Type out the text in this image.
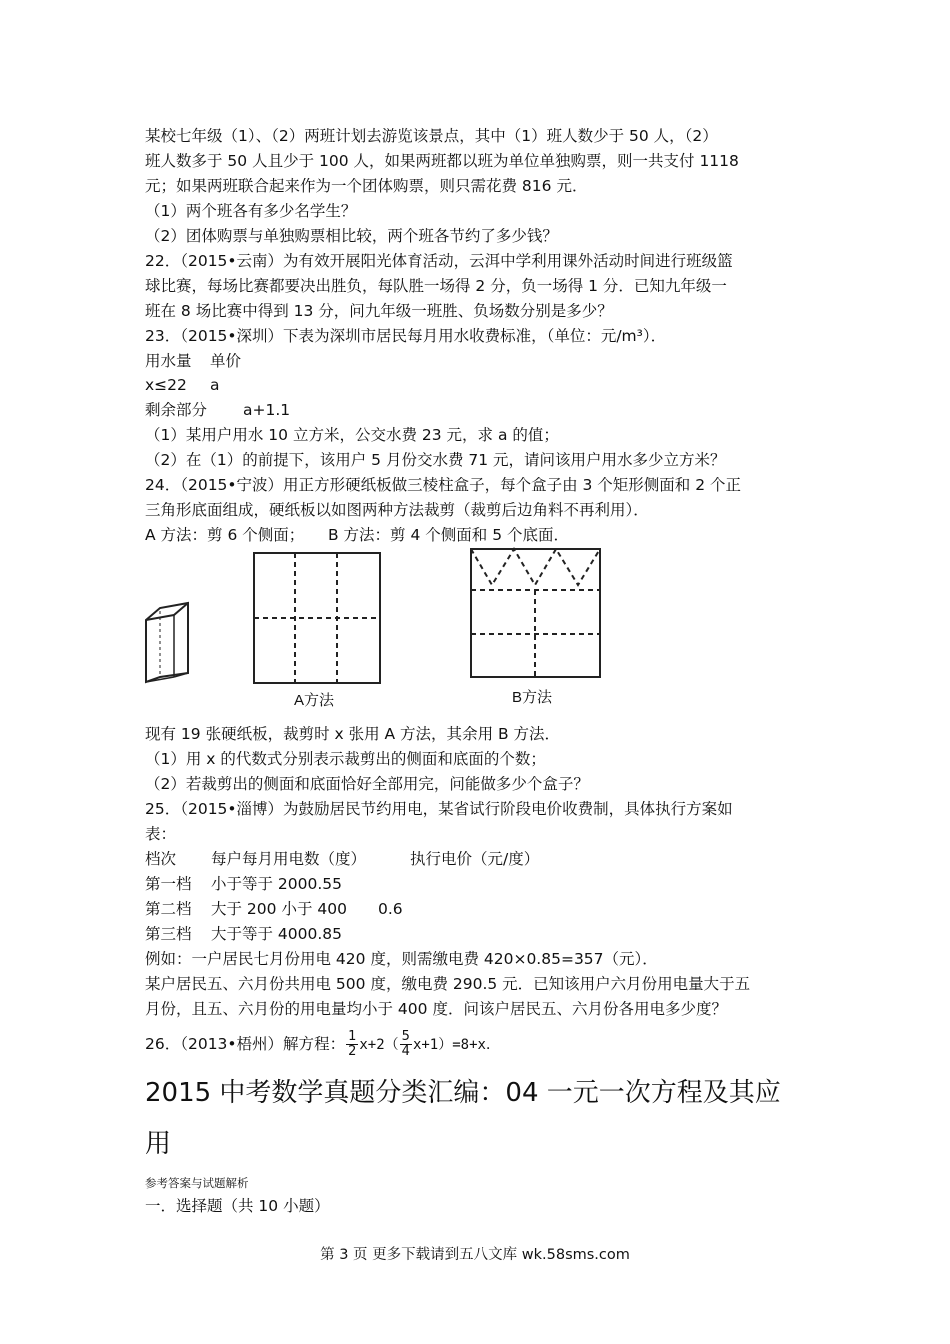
某校七年级（1）、（2）两班计划去游览该景点，其中（1）班人数少于 50 人，（2）
班人数多于 50 人且少于 100 人，如果两班都以班为单位单独购票，则一共支付 1118
元；如果两班联合起来作为一个团体购票，则只需花费 816 元．
（1）两个班各有多少名学生？
（2）团体购票与单独购票相比较，两个班各节约了多少钱？
22．（2015•云南）为有效开展阳光体育活动，云洱中学利用课外活动时间进行班级篮
球比赛，每场比赛都要决出胜负，每队胜一场得 2 分，负一场得 1 分．已知九年级一
班在 8 场比赛中得到 13 分，问九年级一班胜、负场数分别是多少？
23．（2015•深圳）下表为深圳市居民每月用水收费标准，（单位：元/m³）．
用水量 单价
x≤22 a
剩余部分 a+1.1
（1）某用户用水 10 立方米，公交水费 23 元，求 a 的值；
（2）在（1）的前提下，该用户 5 月份交水费 71 元，请问该用户用水多少立方米？
24．（2015•宁波）用正方形硬纸板做三棱柱盒子，每个盒子由 3 个矩形侧面和 2 个正
三角形底面组成，硬纸板以如图两种方法裁剪（裁剪后边角料不再利用）．
A 方法：剪 6 个侧面； B 方法：剪 4 个侧面和 5 个底面．
A方法	B方法
现有 19 张硬纸板，裁剪时 x 张用 A 方法，其余用 B 方法．
（1）用 x 的代数式分别表示裁剪出的侧面和底面的个数；
（2）若裁剪出的侧面和底面恰好全部用完，问能做多少个盒子？
25．（2015•淄博）为鼓励居民节约用电，某省试行阶段电价收费制，具体执行方案如
表：
档次 每户每月用电数（度）	执行电价（元/度）
第一档 小于等于 2000.55
第二档 大于 200 小于 400 0.6
第三档 大于等于 4000.85
例如：一户居民七月份用电 420 度，则需缴电费 420×0.85=357（元）．
某户居民五、六月份共用电 500 度，缴电费 290.5 元．已知该用户六月份用电量大于五
月份，且五、六月份的用电量均小于 400 度．问该户居民五、六月份各用电多少度？
26．（2013•梧州）解方程： $\frac{1}{2} x+2( \frac{5}{4} x+1)=8+x$．
2015 中考数学真题分类汇编：04 一元一次方程及其应
用
参考答案与试题解析
一．选择题（共 10 小题）
第 3 页 更多下载请到五八文库 wk.58sms.com
